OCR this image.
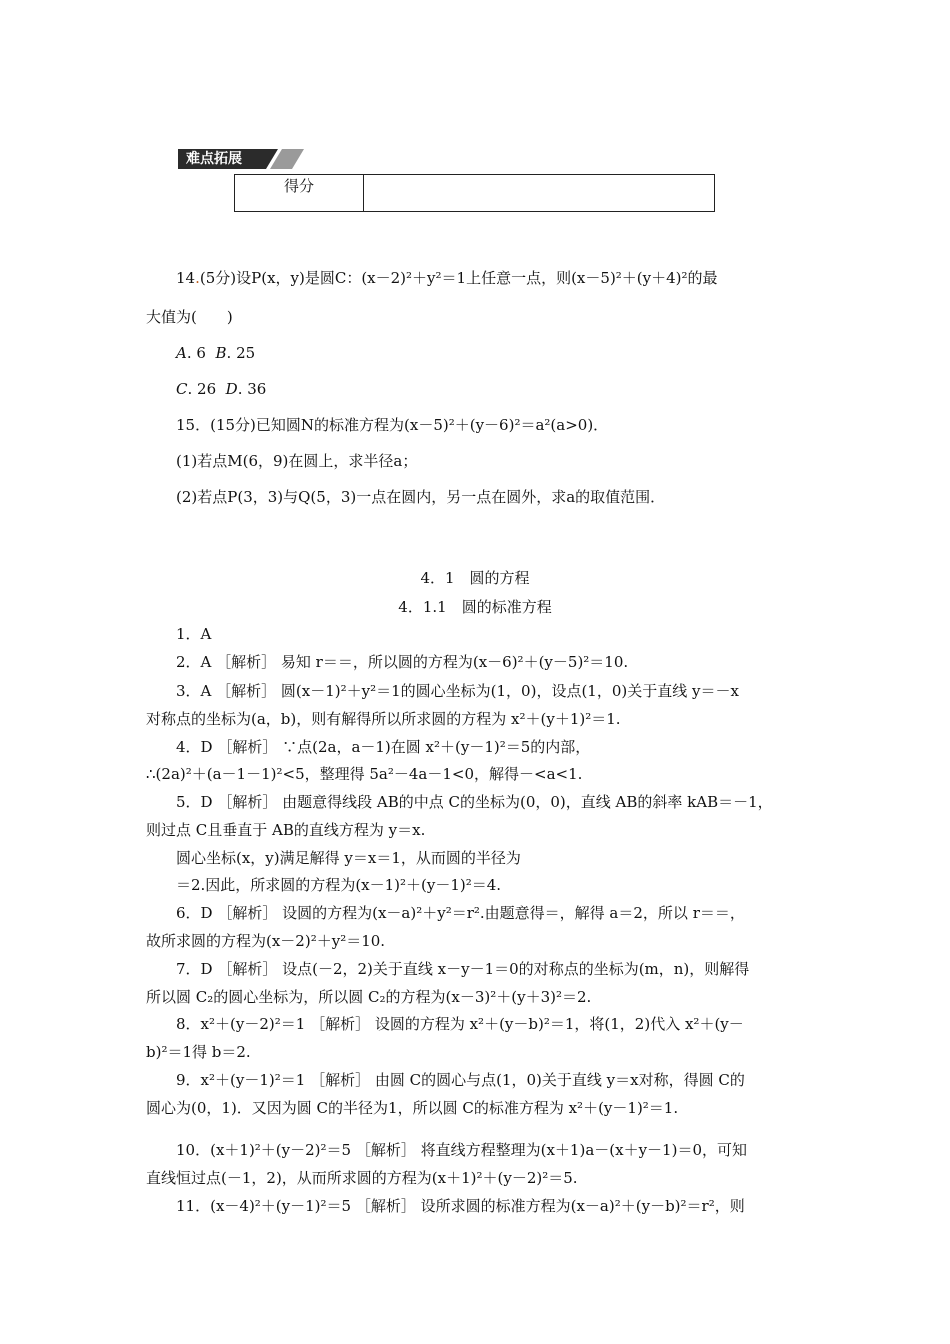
难点拓展
得分	
14.(5分)设P(x，y)是圆C：(x－2)²＋y²＝1上任意一点，则(x－5)²＋(y＋4)²的最
大值为(　　)
A. 6 B. 25
C. 26 D. 36
15．(15分)已知圆N的标准方程为(x－5)²＋(y－6)²＝a²(a>0)．
(1)若点M(6，9)在圆上，求半径a；
(2)若点P(3，3)与Q(5，3)一点在圆内，另一点在圆外，求a的取值范围．
4．1　圆的方程
4．1.1　圆的标准方程
1．A
2．A ［解析］ 易知 r＝＝，所以圆的方程为(x－6)²＋(y－5)²＝10.
3．A ［解析］ 圆(x－1)²＋y²＝1的圆心坐标为(1，0)，设点(1，0)关于直线 y＝－x
对称点的坐标为(a，b)，则有解得所以所求圆的方程为 x²＋(y＋1)²＝1.
4．D ［解析］ ∵点(2a，a－1)在圆 x²＋(y－1)²＝5的内部，
∴(2a)²＋(a－1－1)²<5，整理得 5a²－4a－1<0，解得－<a<1.
5．D ［解析］ 由题意得线段 AB的中点 C的坐标为(0，0)，直线 AB的斜率 kAB＝－1，
则过点 C且垂直于 AB的直线方程为 y＝x.
圆心坐标(x，y)满足解得 y＝x＝1，从而圆的半径为
＝2.因此，所求圆的方程为(x－1)²＋(y－1)²＝4.
6．D ［解析］ 设圆的方程为(x－a)²＋y²＝r².由题意得＝，解得 a＝2，所以 r＝＝，
故所求圆的方程为(x－2)²＋y²＝10.
7．D ［解析］ 设点(－2，2)关于直线 x－y－1＝0的对称点的坐标为(m，n)，则解得
所以圆 C₂的圆心坐标为，所以圆 C₂的方程为(x－3)²＋(y＋3)²＝2.
8．x²＋(y－2)²＝1 ［解析］ 设圆的方程为 x²＋(y－b)²＝1，将(1，2)代入 x²＋(y－
b)²＝1得 b＝2.
9．x²＋(y－1)²＝1 ［解析］ 由圆 C的圆心与点(1，0)关于直线 y＝x对称，得圆 C的
圆心为(0，1)．又因为圆 C的半径为1，所以圆 C的标准方程为 x²＋(y－1)²＝1.
10．(x＋1)²＋(y－2)²＝5 ［解析］ 将直线方程整理为(x＋1)a－(x＋y－1)＝0，可知
直线恒过点(－1，2)，从而所求圆的方程为(x＋1)²＋(y－2)²＝5.
11．(x－4)²＋(y－1)²＝5 ［解析］ 设所求圆的标准方程为(x－a)²＋(y－b)²＝r²，则
